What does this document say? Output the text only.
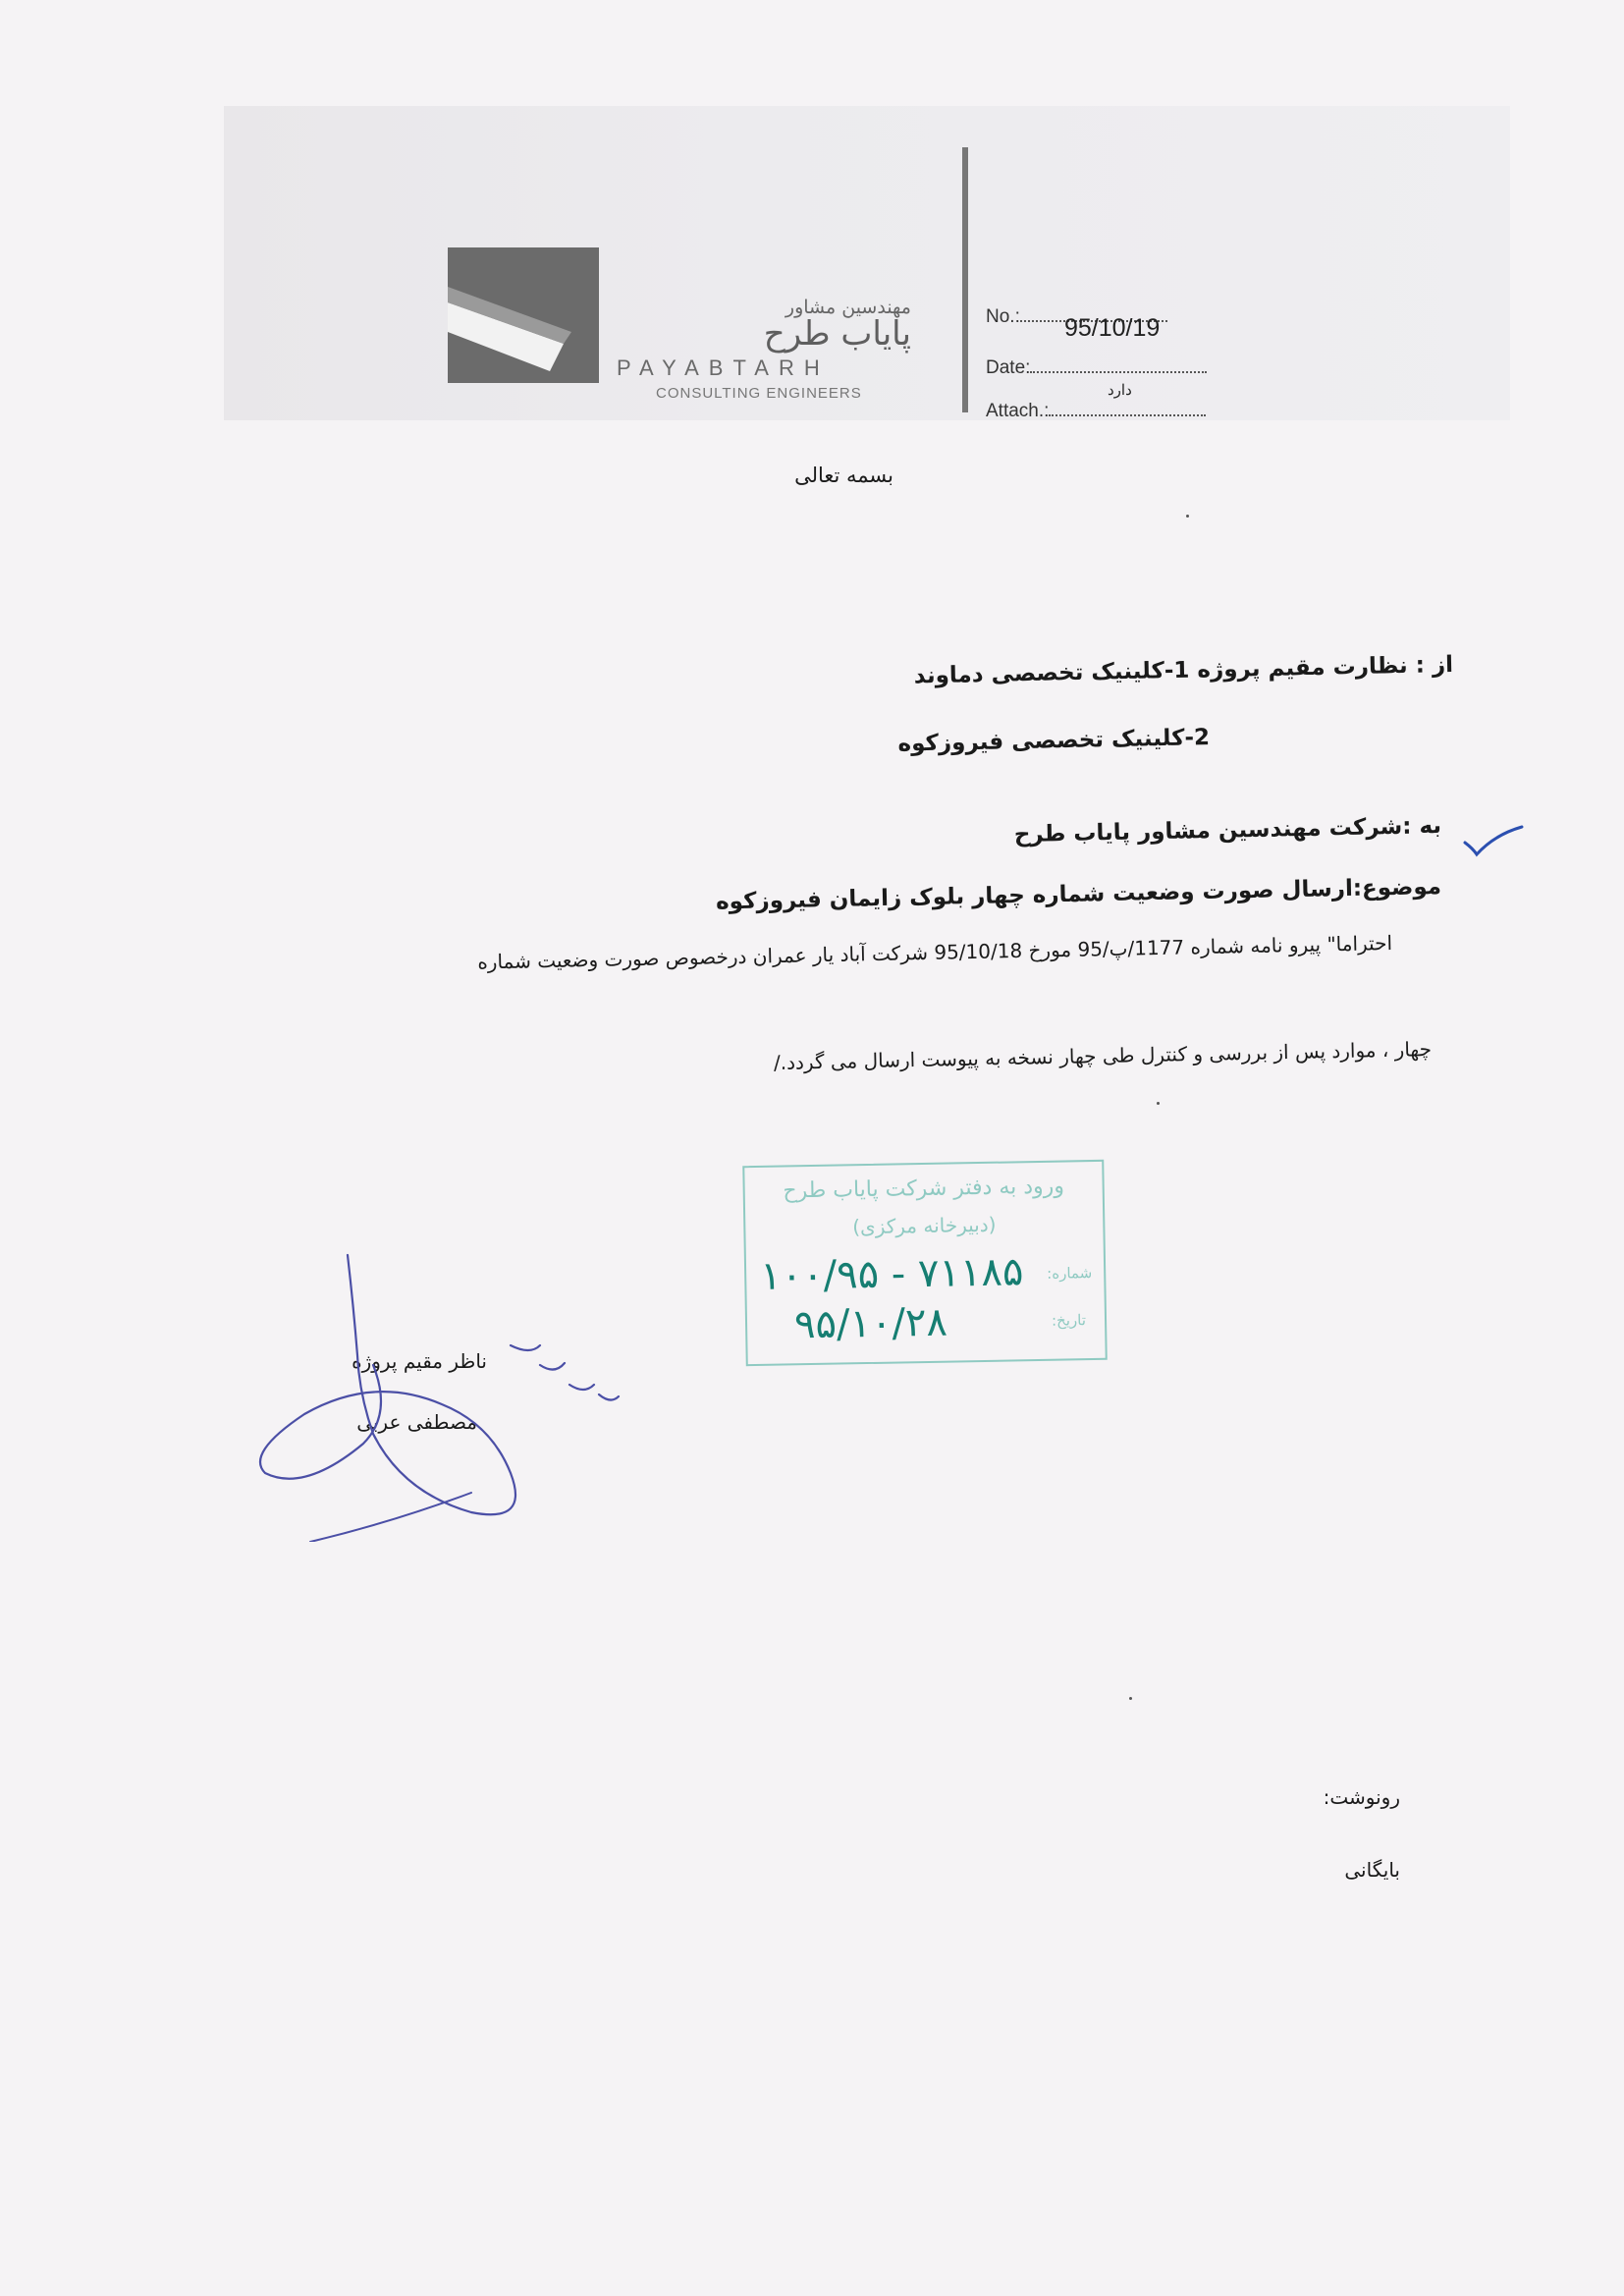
مهندسین مشاور
پایاب طرح
PAYABTARH
CONSULTING ENGINEERS
No.:	95/10/19
Date:
دارد
Attach.:
بسمه تعالی
از : نظارت مقیم پروژه 1-کلینیک تخصصی دماوند
2-کلینیک تخصصی فیروزکوه
به :شرکت مهندسین مشاور پایاب طرح
موضوع:ارسال صورت وضعیت شماره چهار بلوک زایمان فیروزکوه
احتراما" پیرو نامه شماره 1177/پ/95 مورخ 95/10/18 شرکت آباد یار عمران درخصوص صورت وضعیت شماره
چهار ، موارد پس از بررسی و کنترل طی چهار نسخه به پیوست ارسال می گردد./
ورود به دفتر شرکت پایاب طرح
(دبیرخانه مرکزی)
شماره:
۱۰۰/۹۵ - ۷۱۱۸۵
تاریخ:
۹۵/۱۰/۲۸
ناظر مقیم پروژه
مصطفی عربی
رونوشت:
بایگانی
